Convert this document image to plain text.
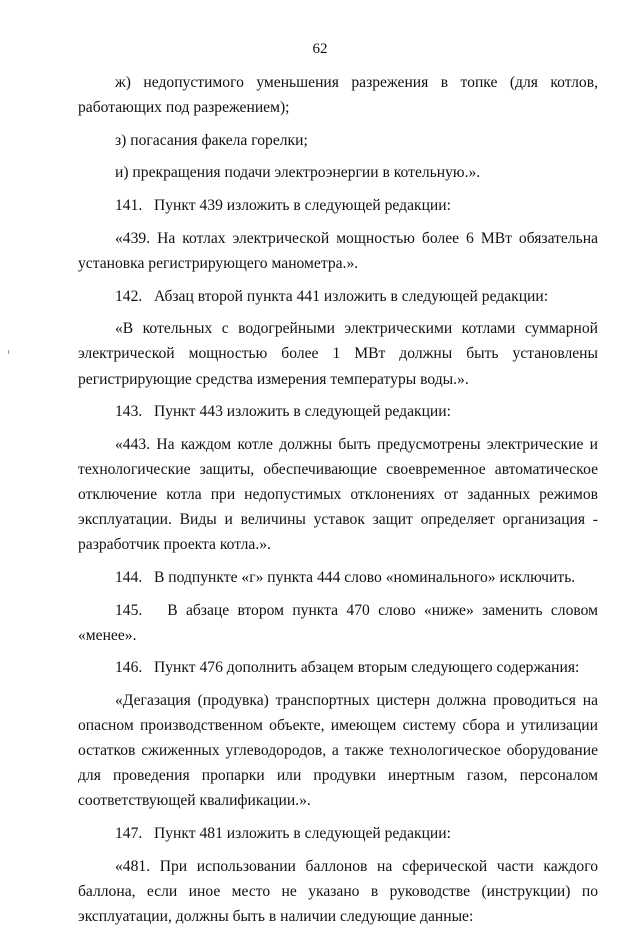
62
ж) недопустимого уменьшения разрежения в топке (для котлов,
работающих под разрежением);
з) погасания факела горелки;
и) прекращения подачи электроэнергии в котельную.».
141.   Пункт 439 изложить в следующей редакции:
«439. На котлах электрической мощностью более 6 МВт обязательна
установка регистрирующего манометра.».
142.   Абзац второй пункта 441 изложить в следующей редакции:
«В котельных с водогрейными электрическими котлами суммарной
электрической мощностью более 1 МВт должны быть установлены
регистрирующие средства измерения температуры воды.».
143.   Пункт 443 изложить в следующей редакции:
«443. На каждом котле должны быть предусмотрены электрические и
технологические защиты, обеспечивающие своевременное автоматическое
отключение котла при недопустимых отклонениях от заданных режимов
эксплуатации. Виды и величины уставок защит определяет организация -
разработчик проекта котла.».
144.   В подпункте «г» пункта 444 слово «номинального» исключить.
145.   В абзаце втором пункта 470 слово «ниже» заменить словом
«менее».
146.   Пункт 476 дополнить абзацем вторым следующего содержания:
«Дегазация (продувка) транспортных цистерн должна проводиться на
опасном производственном объекте, имеющем систему сбора и утилизации
остатков сжиженных углеводородов, а также технологическое оборудование
для проведения пропарки или продувки инертным газом, персоналом
соответствующей квалификации.».
147.   Пункт 481 изложить в следующей редакции:
«481. При использовании баллонов на сферической части каждого
баллона, если иное место не указано в руководстве (инструкции) по
эксплуатации, должны быть в наличии следующие данные:
